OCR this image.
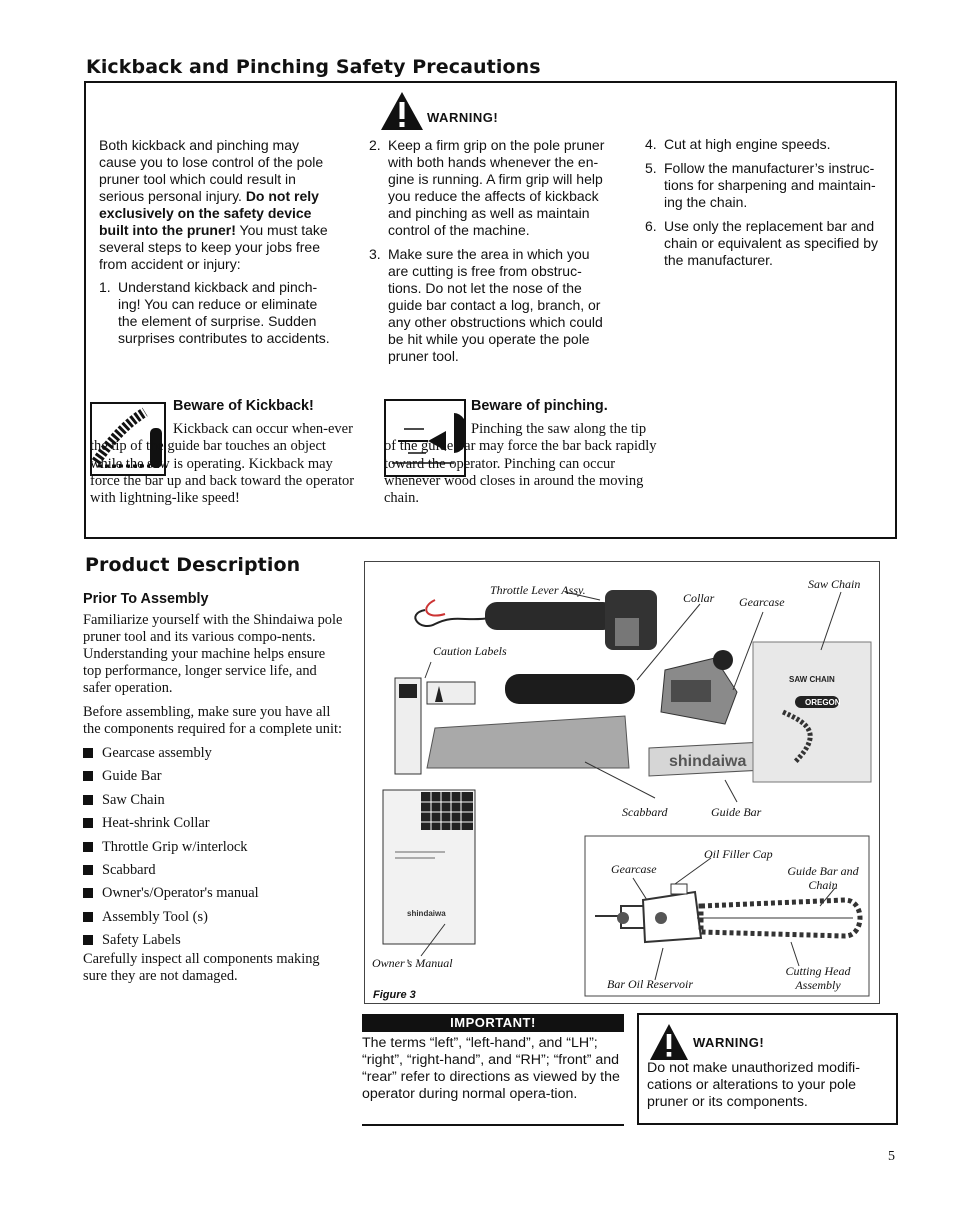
Kickback and Pinching Safety Precautions
WARNING!
Both kickback and pinching may cause you to lose control of the pole pruner tool which could result in serious personal injury. Do not rely exclusively on the safety device built into the pruner! You must take several steps to keep your jobs free from accident or injury:
1. Understand kickback and pinch-ing! You can reduce or eliminate the element of surprise. Sudden surprises contributes to accidents.
2. Keep a firm grip on the pole pruner with both hands whenever the en-gine is running. A firm grip will help you reduce the affects of kickback and pinching as well as maintain control of the machine.
3. Make sure the area in which you are cutting is free from obstruc-tions. Do not let the nose of the guide bar contact a log, branch, or any other obstructions which could be hit while you operate the pole pruner tool.
4. Cut at high engine speeds.
5. Follow the manufacturer’s instruc-tions for sharpening and maintain-ing the chain.
6. Use only the replacement bar and chain or equivalent as specified by the manufacturer.
Beware of Kickback!
Kickback can occur when-ever the tip of the guide bar touches an object while the saw is operating. Kickback may force the bar up and back toward the operator with lightning-like speed!
Beware of pinching.
Pinching the saw along the tip of the guide bar may force the bar back rapidly toward the operator. Pinching can occur whenever wood closes in around the moving chain.
Product Description
Prior To Assembly
Familiarize yourself with the Shindaiwa pole pruner tool and its various compo-nents. Understanding your machine helps ensure top performance, longer service life, and safer operation.
Before assembling, make sure you have all the components required for a complete unit:
Gearcase assembly
Guide Bar
Saw Chain
Heat-shrink Collar
Throttle Grip w/interlock
Scabbard
Owner's/Operator's manual
Assembly Tool (s)
Safety Labels
Carefully inspect all components making sure they are not damaged.
shindaiwa
SAW CHAIN
OREGON
shindaiwa
Throttle Lever Assy.
Collar Gearcase
Saw Chain
Caution Labels
Scabbard	Guide Bar
Owner’s Manual
Gearcase
Oil Filler Cap
Guide Bar and Chain
Bar Oil Reservoir
Cutting Head Assembly
Figure 3
IMPORTANT!
The terms “left”, “left-hand”, and “LH”; “right”, “right-hand”, and “RH”; “front” and “rear” refer to directions as viewed by the operator during normal opera-tion.
WARNING!
Do not make unauthorized modifi-cations or alterations to your pole pruner or its components.
5
